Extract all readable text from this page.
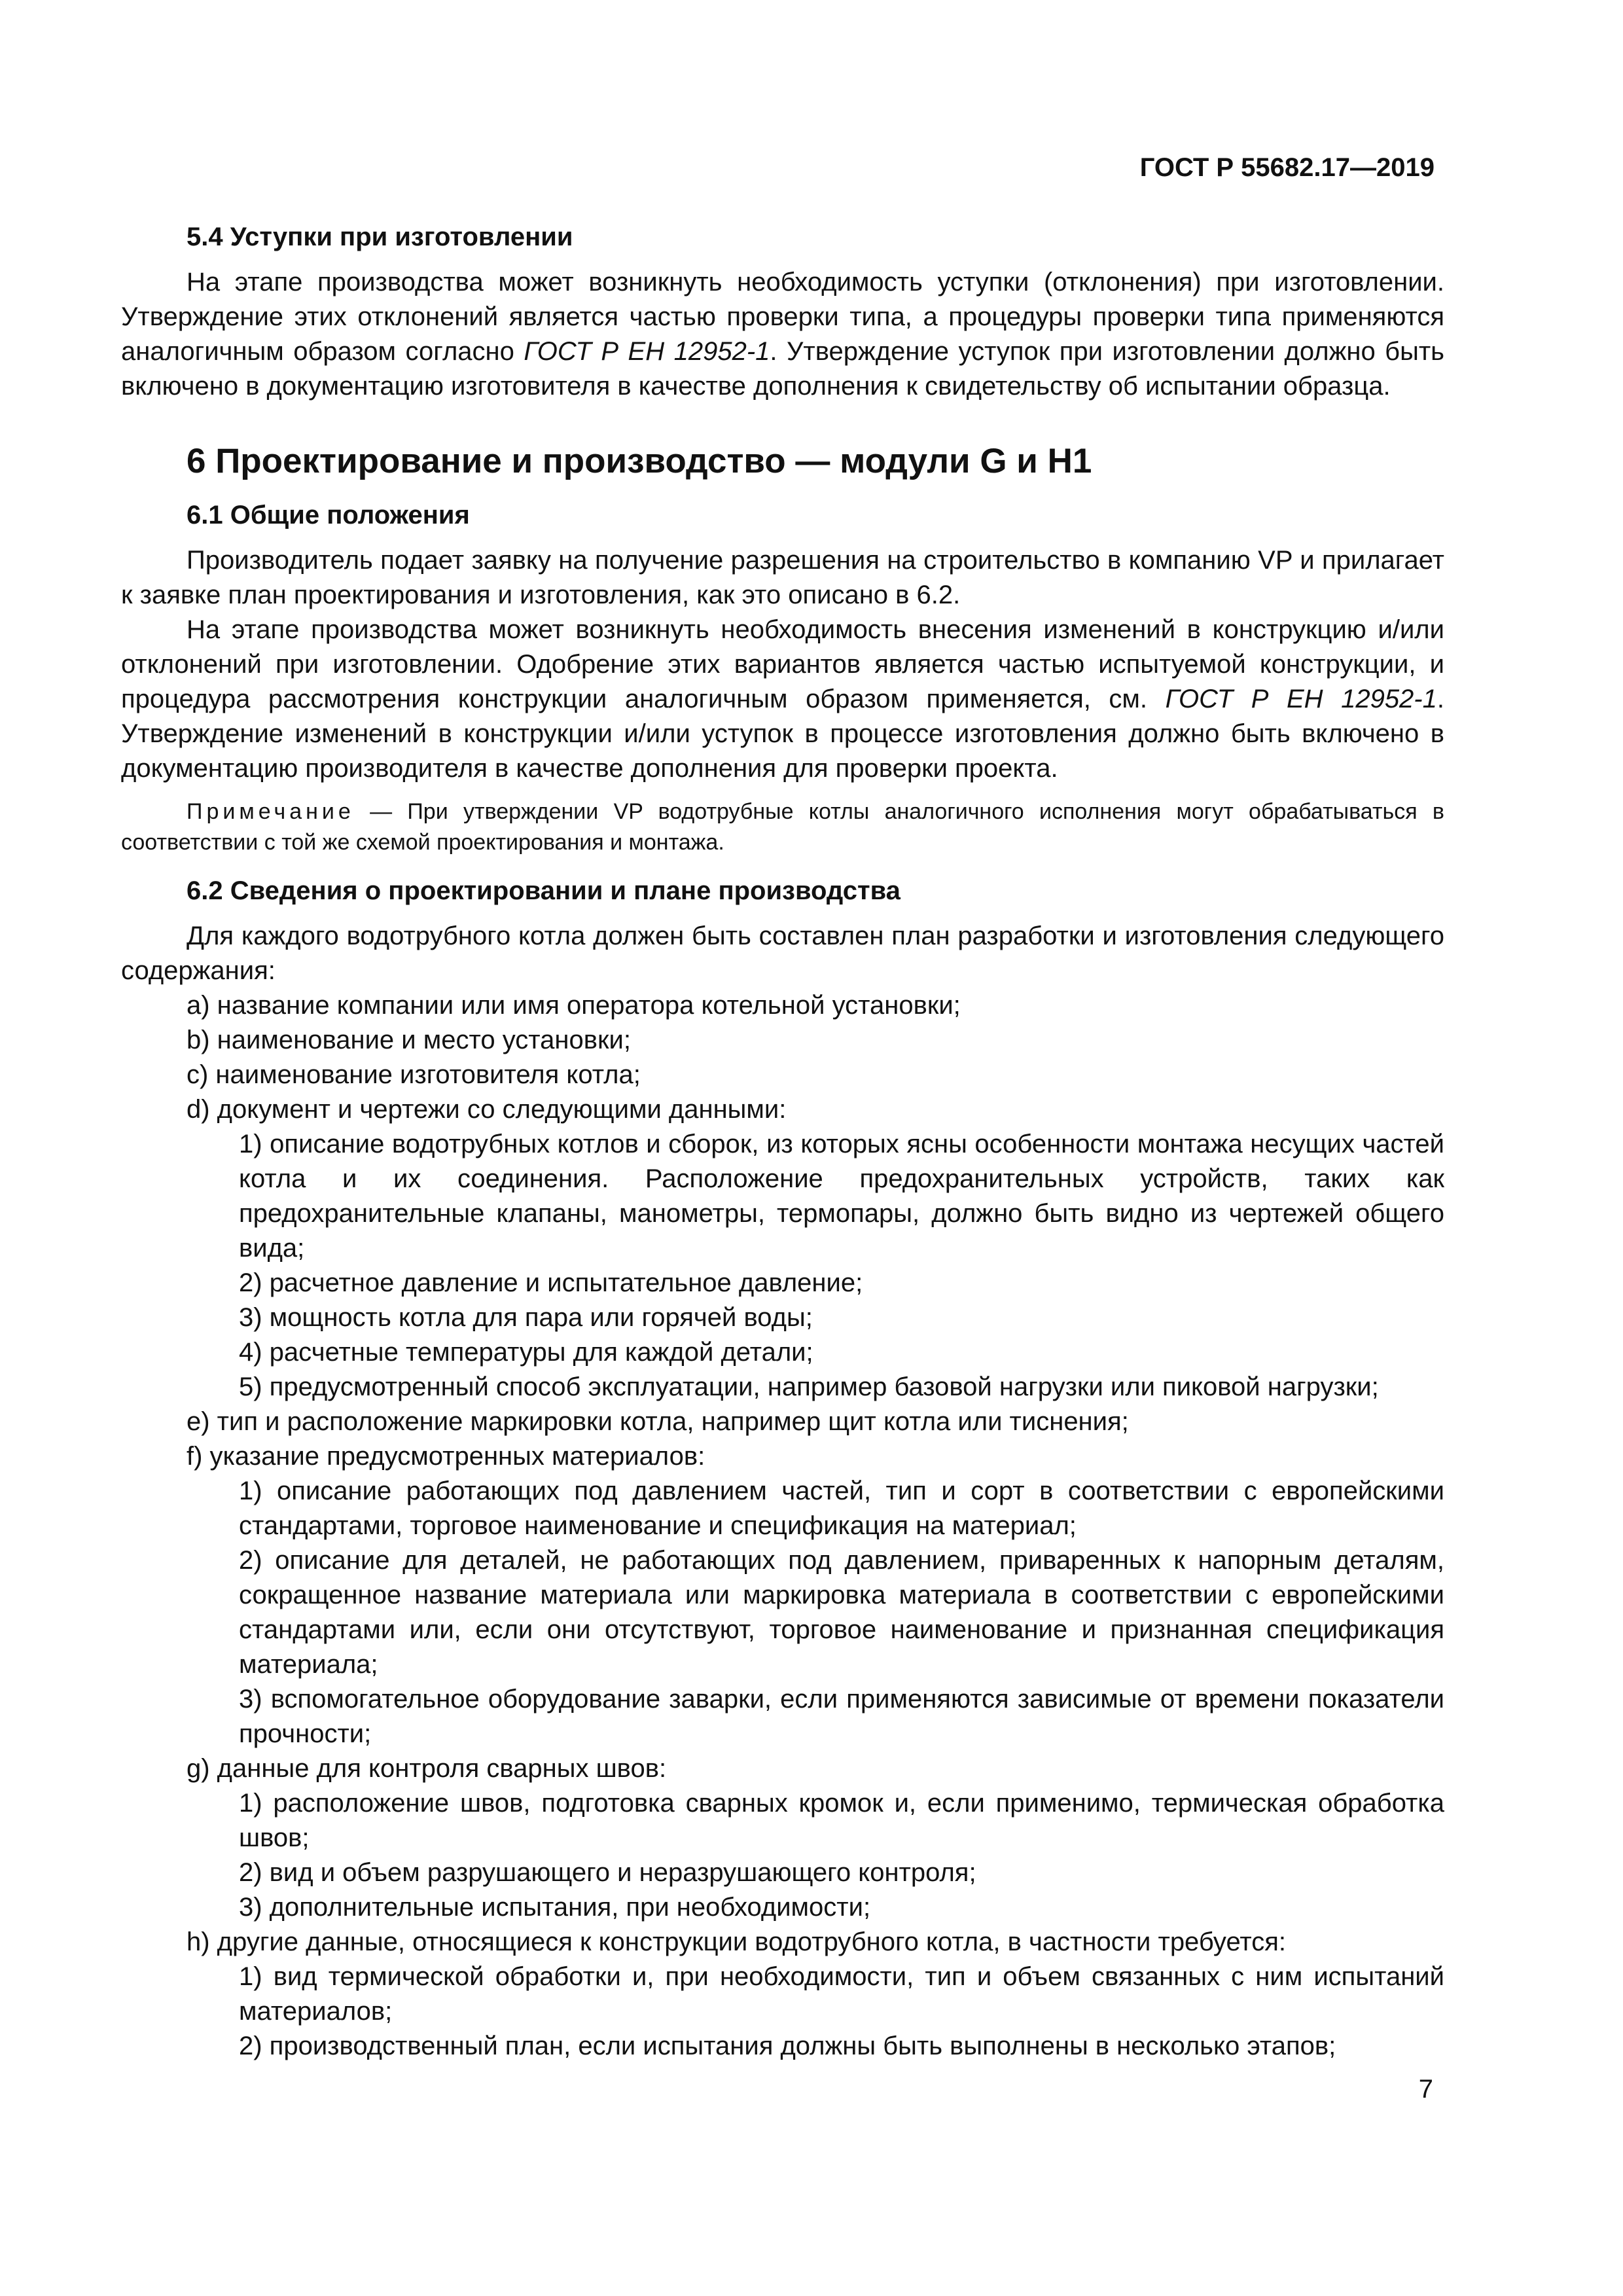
ГОСТ Р 55682.17—2019

5.4 Уступки при изготовлении

На этапе производства может возникнуть необходимость уступки (отклонения) при изготовлении. Утверждение этих отклонений является частью проверки типа, а процедуры проверки типа применяются аналогичным образом согласно ГОСТ Р ЕН 12952-1. Утверждение уступок при изготовлении должно быть включено в документацию изготовителя в качестве дополнения к свидетельству об испытании образца.

6 Проектирование и производство — модули G и H1

6.1 Общие положения

Производитель подает заявку на получение разрешения на строительство в компанию VP и прилагает к заявке план проектирования и изготовления, как это описано в 6.2.

На этапе производства может возникнуть необходимость внесения изменений в конструкцию и/или отклонений при изготовлении. Одобрение этих вариантов является частью испытуемой конструкции, и процедура рассмотрения конструкции аналогичным образом применяется, см. ГОСТ Р ЕН 12952-1. Утверждение изменений в конструкции и/или уступок в процессе изготовления должно быть включено в документацию производителя в качестве дополнения для проверки проекта.

Примечание — При утверждении VP водотрубные котлы аналогичного исполнения могут обрабатываться в соответствии с той же схемой проектирования и монтажа.

6.2 Сведения о проектировании и плане производства

Для каждого водотрубного котла должен быть составлен план разработки и изготовления следующего содержания:

a) название компании или имя оператора котельной установки;

b) наименование и место установки;

c) наименование изготовителя котла;

d) документ и чертежи со следующими данными:

1) описание водотрубных котлов и сборок, из которых ясны особенности монтажа несущих частей котла и их соединения. Расположение предохранительных устройств, таких как предохранительные клапаны, манометры, термопары, должно быть видно из чертежей общего вида;

2) расчетное давление и испытательное давление;

3) мощность котла для пара или горячей воды;

4) расчетные температуры для каждой детали;

5) предусмотренный способ эксплуатации, например базовой нагрузки или пиковой нагрузки;

e) тип и расположение маркировки котла, например щит котла или тиснения;

f) указание предусмотренных материалов:

1) описание работающих под давлением частей, тип и сорт в соответствии с европейскими стандартами, торговое наименование и спецификация на материал;

2) описание для деталей, не работающих под давлением, приваренных к напорным деталям, сокращенное название материала или маркировка материала в соответствии с европейскими стандартами или, если они отсутствуют, торговое наименование и признанная спецификация материала;

3) вспомогательное оборудование заварки, если применяются зависимые от времени показатели прочности;

g) данные для контроля сварных швов:

1) расположение швов, подготовка сварных кромок и, если применимо, термическая обработка швов;

2) вид и объем разрушающего и неразрушающего контроля;

3) дополнительные испытания, при необходимости;

h) другие данные, относящиеся к конструкции водотрубного котла, в частности требуется:

1) вид термической обработки и, при необходимости, тип и объем связанных с ним испытаний материалов;

2) производственный план, если испытания должны быть выполнены в несколько этапов;

7
